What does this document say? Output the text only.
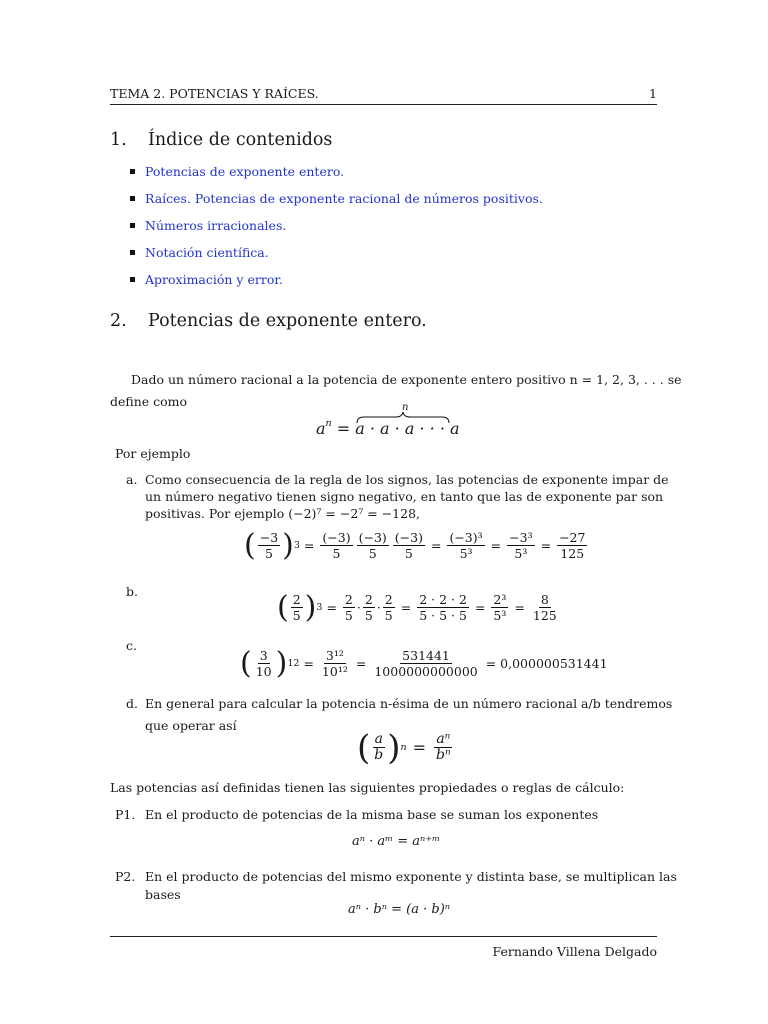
TEMA 2. POTENCIAS Y RAÍCES.	1
1. Índice de contenidos
Potencias de exponente entero.
Raíces. Potencias de exponente racional de números positivos.
Números irracionales.
Notación científica.
Aproximación y error.
2. Potencias de exponente entero.
Dado un número racional a la potencia de exponente entero positivo n = 1, 2, 3, . . . se
define como	n
$a^n = a \cdot a \cdot a$ · · · a
Por ejemplo
a. Como consecuencia de la regla de los signos, las potencias de exponente impar de
un número negativo tienen signo negativo, en tanto que las de exponente par son
positivas. Por ejemplo (−2)⁷ = −2⁷ = −128,
( $\frac{-3}{5}$ ) $3 = \frac{(-3)}{5} \frac{(-3)}{5} \frac{(-3)}{5} = \frac{\text{(−3)³}}{\text{5³}} = \frac{\text{−3³}}{\text{5³}} = \frac{-27}{125}$
b.	( $\frac{2}{5}$ ) $3 = \frac{2}{5} \cdot \frac{2}{5} \cdot \frac{2}{5} = \frac{2 \cdot 2 \cdot 2}{5 \cdot 5 \cdot 5} = \frac{\text{2³}}{\text{5³}} = \frac{8}{125}$
c.	( $\frac{3}{10}$ ) $12 = \frac{\text{3¹²}}{\text{10¹²}} = \frac{531441}{1000000000000} = 0,000000531441$
d. En general para calcular la potencia n-ésima de un número racional a/b tendremos
que operar así
( $\frac{a}{b}$ ) $n = \frac{\text{aⁿ}}{\text{bⁿ}}$
Las potencias así definidas tienen las siguientes propiedades o reglas de cálculo:
P1. En el producto de potencias de la misma base se suman los exponentes
aⁿ · aᵐ = aⁿ⁺ᵐ
P2. En el producto de potencias del mismo exponente y distinta base, se multiplican las
bases
aⁿ · bⁿ = (a · b)ⁿ
Fernando Villena Delgado
